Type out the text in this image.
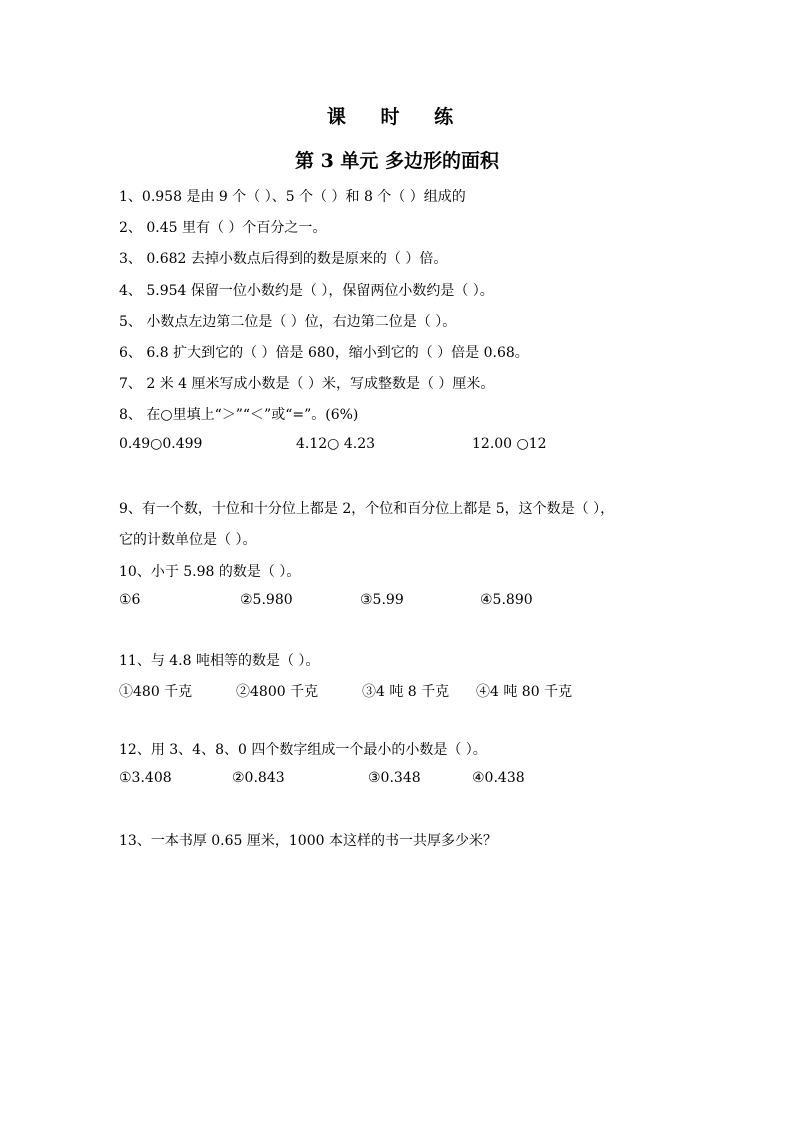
课 时 练
第 3 单元 多边形的面积
1、0.958 是由 9 个（ ）、5 个（ ）和 8 个（ ）组成的
2、 0.45 里有（ ）个百分之一。
3、 0.682 去掉小数点后得到的数是原来的（ ）倍。
4、 5.954 保留一位小数约是（ ），保留两位小数约是（ ）。
5、 小数点左边第二位是（ ）位，右边第二位是（ ）。
6、 6.8 扩大到它的（ ）倍是 680，缩小到它的（ ）倍是 0.68。
7、 2 米 4 厘米写成小数是（ ）米，写成整数是（ ）厘米。
8、 在○里填上“＞”“＜”或“=”。(6%)
0.49○0.499	4.12○ 4.23	12.00 ○12
9、有一个数，十位和十分位上都是 2，个位和百分位上都是 5，这个数是（ ），
它的计数单位是（ ）。
10、小于 5.98 的数是（ ）。
①6	②5.980	③5.99	④5.890
11、与 4.8 吨相等的数是（ ）。
①480 千克	②4800 千克	③4 吨 8 千克 ④4 吨 80 千克
12、用 3、4、8、0 四个数字组成一个最小的小数是（ ）。
①3.408	②0.843	③0.348	④0.438
13、一本书厚 0.65 厘米，1000 本这样的书一共厚多少米？
